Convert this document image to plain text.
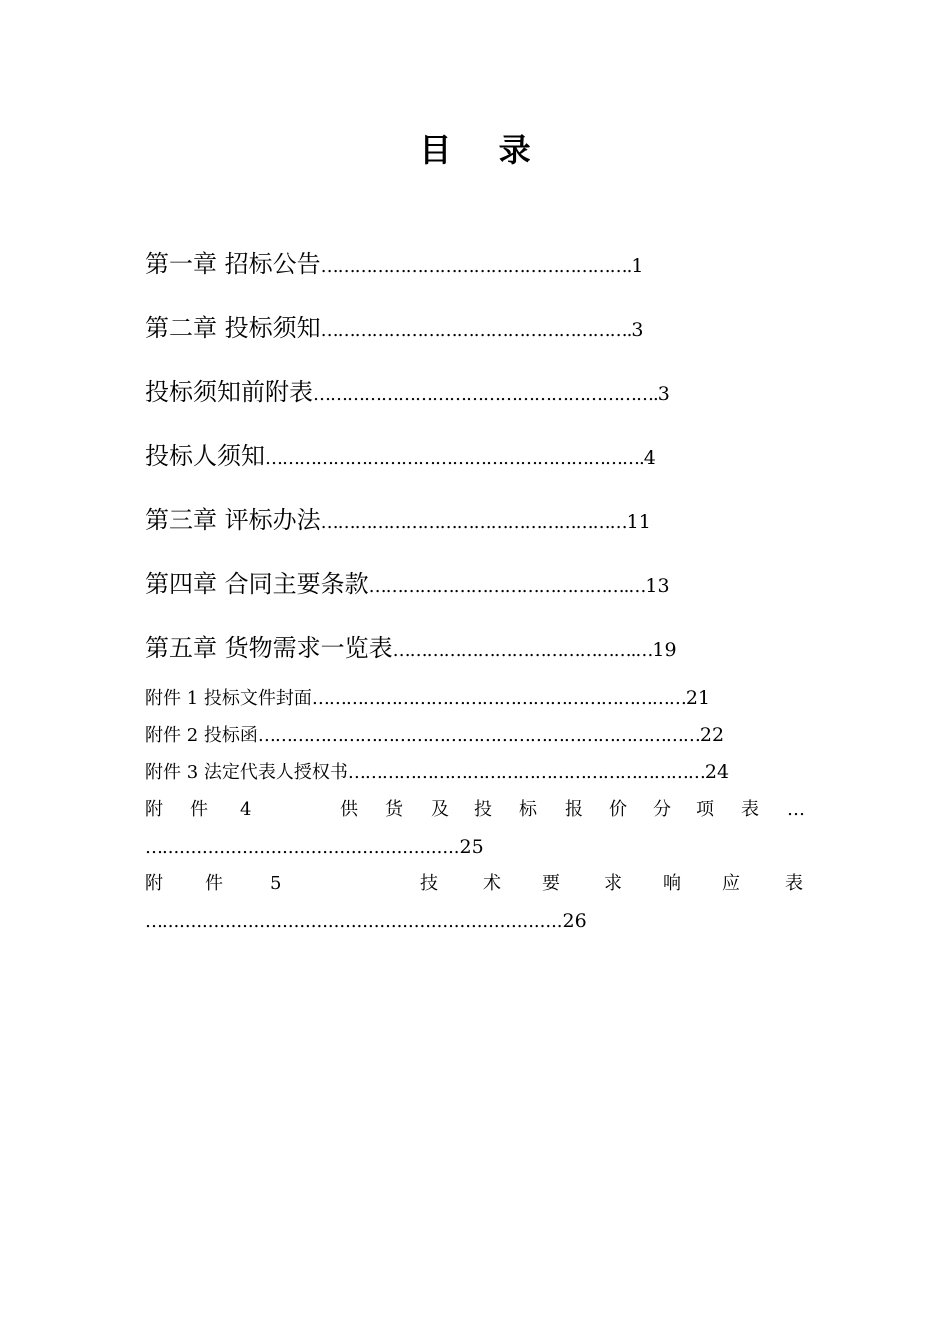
目 录
第一章 招标公告……………………………………………….1
第二章 投标须知……………………………………………….3
投标须知前附表…………………………………………………….3
投标人须知………………………………………………………….4
第三章 评标办法………………………………………………11
第四章 合同主要条款……………………………………….…13
第五章 货物需求一览表…………………………………….…19
附件 1 投标文件封面…………………………………………………………21
附件 2 投标函……………………………………………………………………22
附件 3 法定代表人授权书………………………………………………………24
附 件 4	供 货 及 投 标 报 价 分 项 表 …
…....................................................25
附 件	5	技	术 要 求 响 应	表
…......................................................................26
